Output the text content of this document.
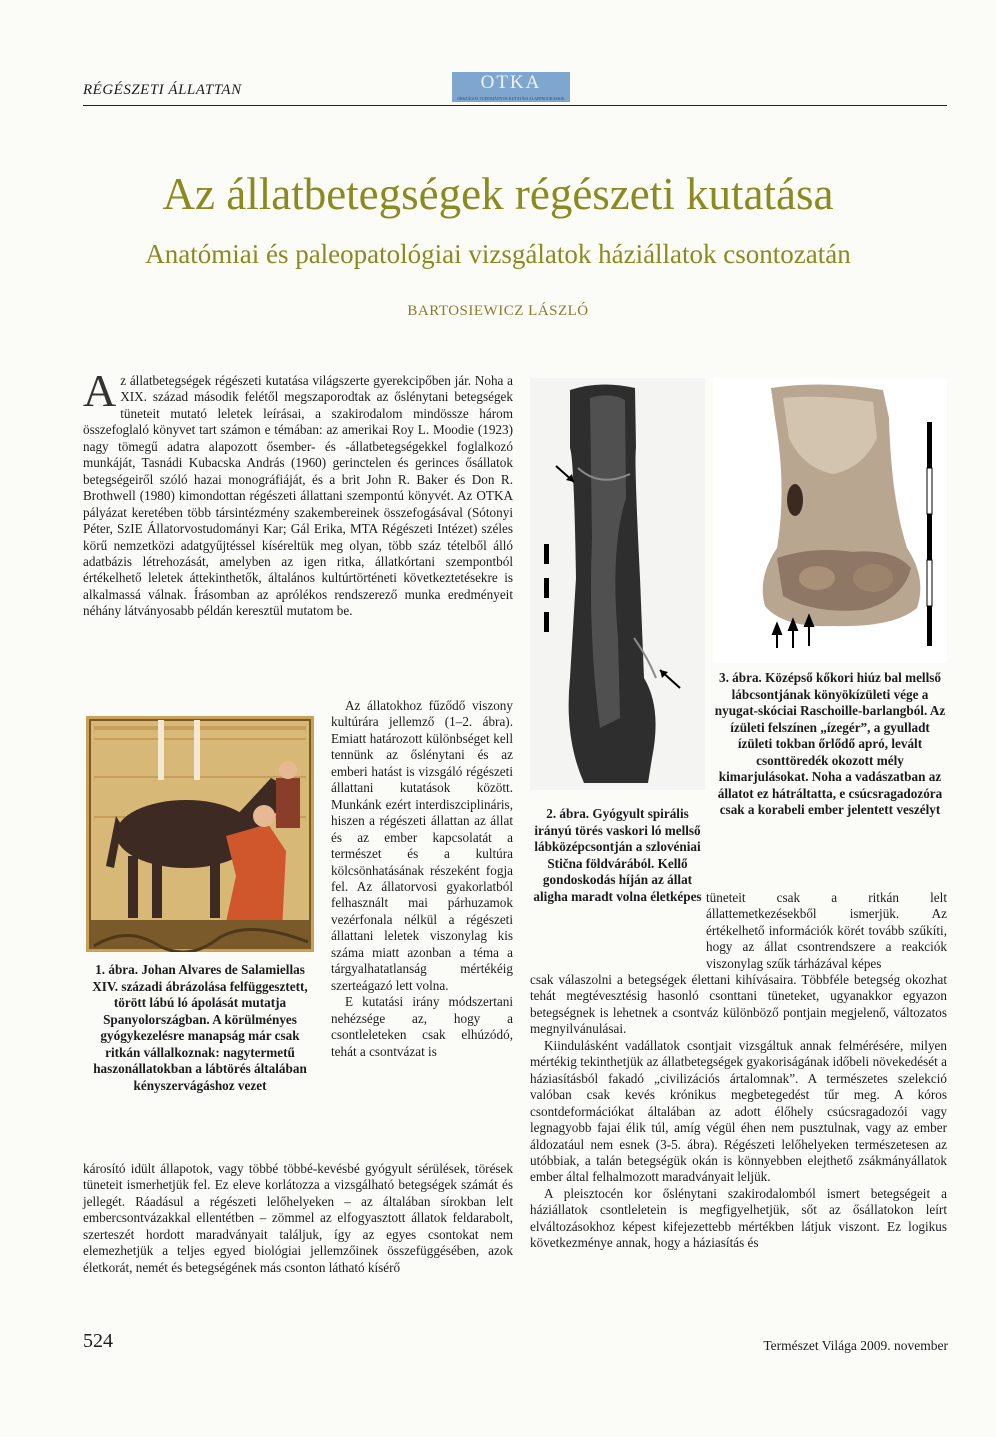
RÉGÉSZETI ÁLLATTAN	OTKA
ORSZÁGOS TUDOMÁNYOS KUTATÁSI ALAPPROGRAMOK
Az állatbetegségek régészeti kutatása
Anatómiai és paleopatológiai vizsgálatok háziállatok csontozatán
BARTOSIEWICZ LÁSZLÓ
Az állatbetegségek régészeti kutatása világszerte gyerekcipőben jár. Noha a XIX. század második felétől megszaporodtak az őslénytani betegségek tüneteit mutató leletek leírásai, a szakirodalom mindössze három összefoglaló könyvet tart számon e témában: az amerikai Roy L. Moodie (1923) nagy tömegű adatra alapozott ősember- és -állatbetegségekkel foglalkozó munkáját, Tasnádi Kubacska András (1960) gerinctelen és gerinces ősállatok betegségeiről szóló hazai monográfiáját, és a brit John R. Baker és Don R. Brothwell (1980) kimondottan régészeti állattani szempontú könyvét. Az OTKA pályázat keretében több társintézmény szakembereinek összefogásával (Sótonyi Péter, SzIE Állatorvostudományi Kar; Gál Erika, MTA Régészeti Intézet) széles körű nemzetközi adatgyűjtéssel kíséreltük meg olyan, több száz tételből álló adatbázis létrehozását, amelyben az igen ritka, állatkórtani szempontból értékelhető leletek áttekinthetők, általános kultúrtörténeti következtetésekre is alkalmassá válnak. Írásomban az aprólékos rendszerező munka eredményeit néhány látványosabb példán keresztül mutatom be.
1. ábra. Johan Alvares de Salamiellas XIV. századi ábrázolása felfüggesztett, törött lábú ló ápolását mutatja Spanyolországban. A körülményes gyógykezelésre manapság már csak ritkán vállalkoznak: nagytermetű haszonállatokban a lábtörés általában kényszervágáshoz vezet

Az állatokhoz fűződő viszony kultúrára jellemző (1–2. ábra). Emiatt határozott különbséget kell tennünk az őslénytani és az emberi hatást is vizsgáló régészeti állattani kutatások között. Munkánk ezért interdiszciplináris, hiszen a régészeti állattan az állat és az ember kapcsolatát a természet és a kultúra kölcsönhatásának részeként fogja fel. Az állatorvosi gyakorlatból felhasznált mai párhuzamok vezérfonala nélkül a régészeti állattani leletek viszonylag kis száma miatt azonban a téma a tárgyalhatatlanság mértékéig szerteágazó lett volna.

E kutatási irány módszertani nehézsége az, hogy a csontleleteken csak elhúzódó, tehát a csontvázat is

károsító idült állapotok, vagy többé többé-kevésbé gyógyult sérülések, törések tüneteit ismerhetjük fel. Ez eleve korlátozza a vizsgálható betegségek számát és jellegét. Ráadásul a régészeti lelőhelyeken – az általában sírokban lelt embercsontvázakkal ellentétben – zömmel az elfogyasztott állatok feldarabolt, szerteszét hordott maradványait találjuk, így az egyes csontokat nem elemezhetjük a teljes egyed biológiai jellemzőinek összefüggésében, azok életkorát, nemét és betegségének más csonton látható kísérő
2. ábra. Gyógyult spirális irányú törés vaskori ló mellső lábközépcsontján a szlovéniai Stična földvárából. Kellő gondoskodás híján az állat aligha maradt volna életképes
3. ábra. Középső kőkori hiúz bal mellső lábcsontjának könyökízületi vége a nyugat-skóciai Raschoille-barlangból. Az ízületi felszínen „ízegér”, a gyulladt ízületi tokban őrlődő apró, levált csonttöredék okozott mély kimarjulásokat. Noha a vadászatban az állatot ez hátráltatta, e csúcsragadozóra csak a korabeli ember jelentett veszélyt
tüneteit csak a ritkán lelt állattemetkezésekből ismerjük. Az értékelhető információk körét tovább szűkíti, hogy az állat csontrendszere a reakciók viszonylag szűk tárházával képes

csak válaszolni a betegségek élettani kihívásaira. Többféle betegség okozhat tehát megtévesztésig hasonló csonttani tüneteket, ugyanakkor egyazon betegségnek is lehetnek a csontváz különböző pontjain megjelenő, változatos megnyilvánulásai.

Kiindulásként vadállatok csontjait vizsgáltuk annak felmérésére, milyen mértékig tekinthetjük az állatbetegségek gyakoriságának időbeli növekedését a háziasításból fakadó „civilizációs ártalomnak”. A természetes szelekció valóban csak kevés krónikus megbetegedést tűr meg. A kóros csontdeformációkat általában az adott élőhely csúcsragadozói vagy legnagyobb fajai élik túl, amíg végül éhen nem pusztulnak, vagy az ember áldozatául nem esnek (3-5. ábra). Régészeti lelőhelyeken természetesen az utóbbiak, a talán betegségük okán is könnyebben elejthető zsákmányállatok ember által felhalmozott maradványait leljük.

A pleisztocén kor őslénytani szakirodalomból ismert betegségeit a háziállatok csontleletein is megfigyelhetjük, sőt az ősállatokon leírt elváltozásokhoz képest kifejezettebb mértékben látjuk viszont. Ez logikus következménye annak, hogy a háziasítás és

524	Természet Világa 2009. november
